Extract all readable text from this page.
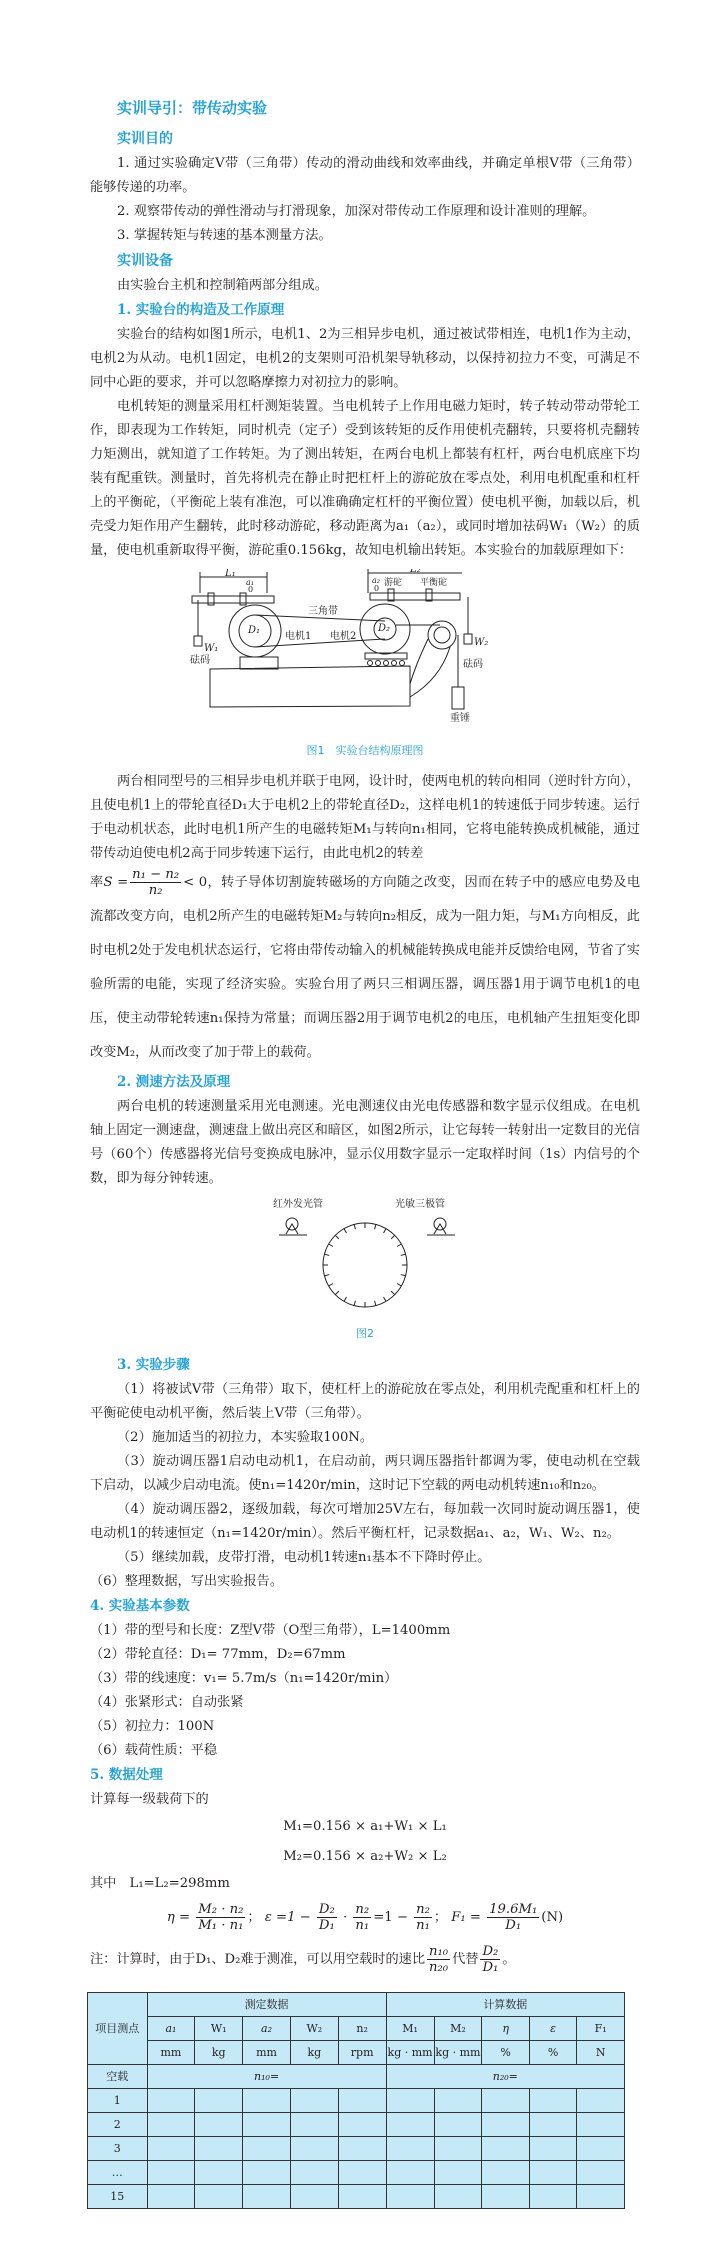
实训导引：带传动实验
实训目的

1. 通过实验确定V带（三角带）传动的滑动曲线和效率曲线，并确定单根V带（三角带）能够传递的功率。

2. 观察带传动的弹性滑动与打滑现象，加深对带传动工作原理和设计准则的理解。

3. 掌握转矩与转速的基本测量方法。

实训设备

由实验台主机和控制箱两部分组成。

1. 实验台的构造及工作原理

实验台的结构如图1所示，电机1、2为三相异步电机，通过被试带相连，电机1作为主动，电机2为从动。电机1固定，电机2的支架则可沿机架导轨移动，以保持初拉力不变，可满足不同中心距的要求，并可以忽略摩擦力对初拉力的影响。

电机转矩的测量采用杠杆测矩装置。当电机转子上作用电磁力矩时，转子转动带动带轮工作，即表现为工作转矩，同时机壳（定子）受到该转矩的反作用使机壳翻转，只要将机壳翻转力矩测出，就知道了工作转矩。为了测出转矩，在两台电机上都装有杠杆，两台电机底座下均装有配重铁。测量时，首先将机壳在静止时把杠杆上的游砣放在零点处，利用电机配重和杠杆上的平衡砣，（平衡砣上装有准泡，可以准确确定杠杆的平衡位置）使电机平衡，加载以后，机壳受力矩作用产生翻转，此时移动游砣，移动距离为a₁（a₂），或同时增加祛码W₁（W₂）的质量，使电机重新取得平衡，游砣重0.156kg，故知电机输出转矩。本实验台的加载原理如下：

L₁
a₁
0
L₂
a₂
0
游砣 平衡砣
三角带
D₁	D₂
电机1 电机2
W₁
砝码
W₂
砝码
重锤
图1　实验台结构原理图

两台相同型号的三相异步电机并联于电网，设计时，使两电机的转向相同（逆时针方向），且使电机1上的带轮直径D₁大于电机2上的带轮直径D₂，这样电机1的转速低于同步转速。运行于电动机状态，此时电机1所产生的电磁转矩M₁与转向n₁相同，它将电能转换成机械能，通过带传动迫使电机2高于同步转速下运行，由此电机2的转差

率$S = \frac{\text{n₁ − n₂}}{\text{n₂}} < 0$，转子导体切割旋转磁场的方向随之改变，因而在转子中的感应电势及电流都改变方向，电机2所产生的电磁转矩M₂与转向n₂相反，成为一阻力矩，与M₁方向相反，此时电机2处于发电机状态运行，它将由带传动输入的机械能转换成电能并反馈给电网，节省了实验所需的电能，实现了经济实验。实验台用了两只三相调压器，调压器1用于调节电机1的电压，使主动带轮转速n₁保持为常量；而调压器2用于调节电机2的电压，电机轴产生扭矩变化即改变M₂，从而改变了加于带上的载荷。

2. 测速方法及原理

两台电机的转速测量采用光电测速。光电测速仪由光电传感器和数字显示仪组成。在电机轴上固定一测速盘，测速盘上做出亮区和暗区，如图2所示，让它每转一转射出一定数目的光信号（60个）传感器将光信号变换成电脉冲，显示仪用数字显示一定取样时间（1s）内信号的个数，即为每分钟转速。

红外发光管	光敏三极管
图2
3. 实验步骤

（1）将被试V带（三角带）取下，使杠杆上的游砣放在零点处，利用机壳配重和杠杆上的平衡砣使电动机平衡，然后装上V带（三角带）。

（2）施加适当的初拉力，本实验取100N。

（3）旋动调压器1启动电动机1，在启动前，两只调压器指针都调为零，使电动机在空载下启动，以减少启动电流。使n₁=1420r/min，这时记下空载的两电动机转速n₁₀和n₂₀。

（4）旋动调压器2，逐级加载，每次可增加25V左右，每加载一次同时旋动调压器1，使电动机1的转速恒定（n₁=1420r/min）。然后平衡杠杆，记录数据a₁、a₂，W₁、W₂、n₂。

（5）继续加载，皮带打滑，电动机1转速n₁基本不下降时停止。

（6）整理数据，写出实验报告。

4. 实验基本参数

（1）带的型号和长度：Z型V带（O型三角带），L=1400mm

（2）带轮直径：D₁= 77mm，D₂=67mm

（3）带的线速度：v₁= 5.7m/s（n₁=1420r/min）

（4）张紧形式：自动张紧

（5）初拉力：100N

（6）载荷性质：平稳

5. 数据处理

计算每一级载荷下的

M₁=0.156 × a₁+W₁ × L₁
M₂=0.156 × a₂+W₂ × L₂

其中　L₁=L₂=298mm

$\eta = \frac{\text{M₂ · n₂}}{\text{M₁ · n₁}}$ ； $\varepsilon =1 - \frac{\text{D₂}}{\text{D₁}} \cdot \frac{\text{n₂}}{\text{n₁}} =1 - \frac{\text{n₂}}{\text{n₁}}$ ； $F_1 = \frac{\text{19.6M₁}}{\text{D₁}} (N)$

注：计算时，由于D₁、D₂难于测准，可以用空载时的速比 $\frac{\text{n₁₀}}{\text{n₂₀}}$ 代替 $\frac{\text{D₂}}{\text{D₁}}$ 。

项目测点	测定数据					计算数据				
	a₁	W₁	a₂	W₂	n₂	M₁	M₂	η	ε	F₁
	mm	kg	mm	kg	rpm	kg · mm	kg · mm	%	%	N
空载	n₁₀=					n₂₀=				
1										
2										
3										
…										
15										
